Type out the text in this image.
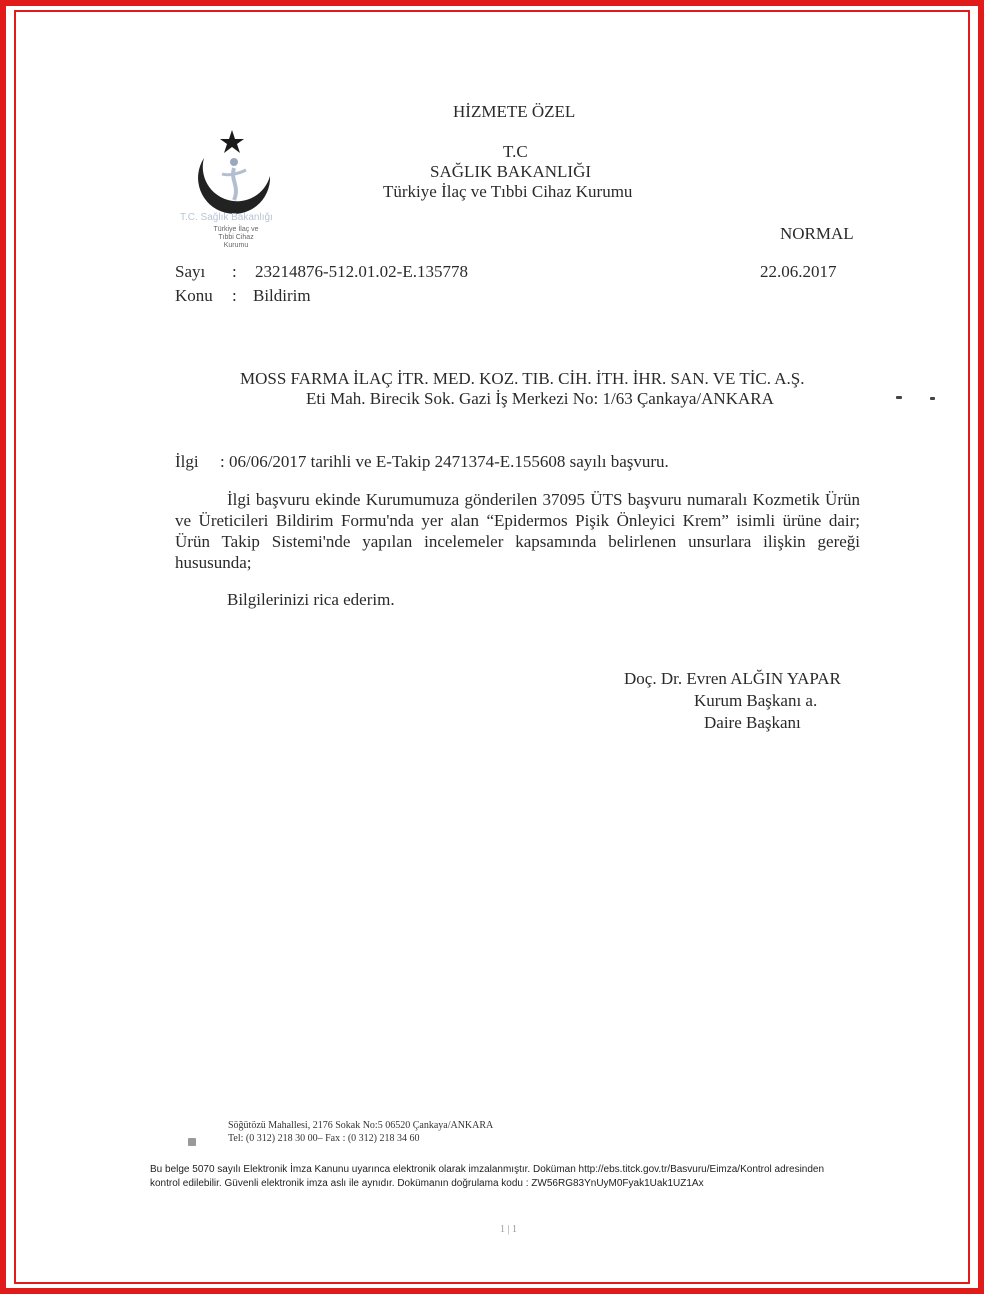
T.C. Sağlık Bakanlığı
Türkiye İlaç ve Tıbbi Cihaz Kurumu
HİZMETE ÖZEL
T.C
SAĞLIK BAKANLIĞI
Türkiye İlaç ve Tıbbi Cihaz Kurumu
NORMAL
Sayı : 23214876-512.01.02-E.135778	22.06.2017
Konu : Bildirim
MOSS FARMA İLAÇ İTR. MED. KOZ. TIB. CİH. İTH. İHR. SAN. VE TİC. A.Ş.
Eti Mah. Birecik Sok. Gazi İş Merkezi No: 1/63 Çankaya/ANKARA
İlgi : 06/06/2017 tarihli ve E-Takip 2471374-E.155608 sayılı başvuru.
İlgi başvuru ekinde Kurumumuza gönderilen 37095 ÜTS başvuru numaralı Kozmetik Ürün ve Üreticileri Bildirim Formu'nda yer alan “Epidermos Pişik Önleyici Krem” isimli ürüne dair; Ürün Takip Sistemi'nde yapılan incelemeler kapsamında belirlenen unsurlara ilişkin gereği hususunda;
Bilgilerinizi rica ederim.
Doç. Dr. Evren ALĞIN YAPAR
Kurum Başkanı a.
Daire Başkanı
Söğütözü Mahallesi, 2176 Sokak No:5 06520 Çankaya/ANKARA
Tel: (0 312) 218 30 00– Fax : (0 312) 218 34 60
Bu belge 5070 sayılı Elektronik İmza Kanunu uyarınca elektronik olarak imzalanmıştır. Doküman http://ebs.titck.gov.tr/Basvuru/Eimza/Kontrol adresinden kontrol edilebilir. Güvenli elektronik imza aslı ile aynıdır. Dokümanın doğrulama kodu : ZW56RG83YnUyM0Fyak1Uak1UZ1Ax
1 | 1
